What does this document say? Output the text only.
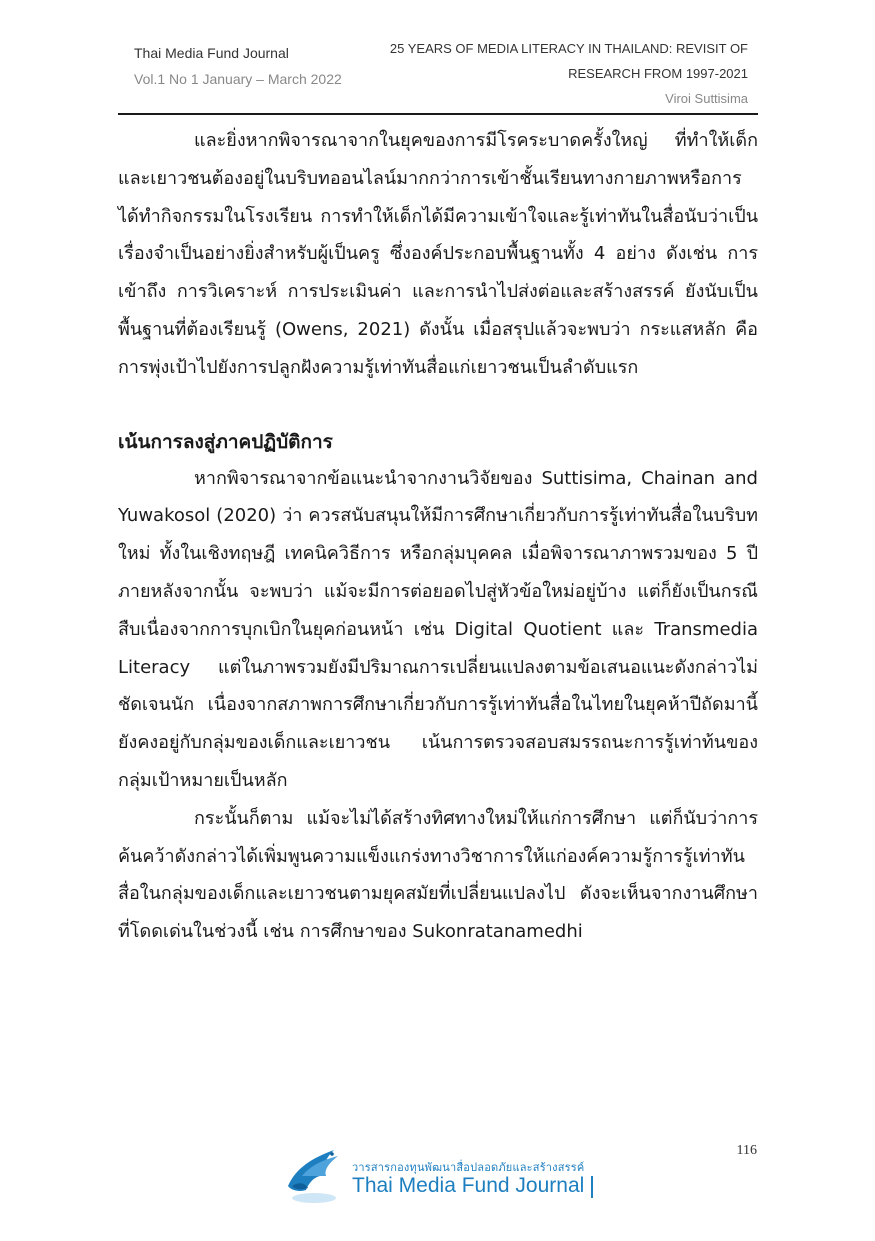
Thai Media Fund Journal
Vol.1 No 1 January – March 2022
25 YEARS OF MEDIA LITERACY IN THAILAND: REVISIT OF
RESEARCH FROM 1997-2021
Viroi Suttisima

และยิ่งหากพิจารณาจากในยุคของการมีโรคระบาดครั้งใหญ่ ที่ทำให้เด็กและเยาวชนต้องอยู่ในบริบทออนไลน์มากกว่าการเข้าชั้นเรียนทางกายภาพหรือการได้ทำกิจกรรมในโรงเรียน การทำให้เด็กได้มีความเข้าใจและรู้เท่าทันในสื่อนับว่าเป็นเรื่องจำเป็นอย่างยิ่งสำหรับผู้เป็นครู ซึ่งองค์ประกอบพื้นฐานทั้ง 4 อย่าง ดังเช่น การเข้าถึง การวิเคราะห์ การประเมินค่า และการนำไปส่งต่อและสร้างสรรค์ ยังนับเป็นพื้นฐานที่ต้องเรียนรู้ (Owens, 2021) ดังนั้น เมื่อสรุปแล้วจะพบว่า กระแสหลัก คือ การพุ่งเป้าไปยังการปลูกฝังความรู้เท่าทันสื่อแก่เยาวชนเป็นลำดับแรก

เน้นการลงสู่ภาคปฏิบัติการ

หากพิจารณาจากข้อแนะนำจากงานวิจัยของ Suttisima, Chainan and Yuwakosol (2020) ว่า ควรสนับสนุนให้มีการศึกษาเกี่ยวกับการรู้เท่าทันสื่อในบริบทใหม่ ทั้งในเชิงทฤษฎี เทคนิควิธีการ หรือกลุ่มบุคคล เมื่อพิจารณาภาพรวมของ 5 ปีภายหลังจากนั้น จะพบว่า แม้จะมีการต่อยอดไปสู่หัวข้อใหม่อยู่บ้าง แต่ก็ยังเป็นกรณีสืบเนื่องจากการบุกเบิกในยุคก่อนหน้า เช่น Digital Quotient และ Transmedia Literacy แต่ในภาพรวมยังมีปริมาณการเปลี่ยนแปลงตามข้อเสนอแนะดังกล่าวไม่ชัดเจนนัก เนื่องจากสภาพการศึกษาเกี่ยวกับการรู้เท่าทันสื่อในไทยในยุคห้าปีถัดมานี้ ยังคงอยู่กับกลุ่มของเด็กและเยาวชน เน้นการตรวจสอบสมรรถนะการรู้เท่าท้นของกลุ่มเป้าหมายเป็นหลัก

กระนั้นก็ตาม แม้จะไม่ได้สร้างทิศทางใหม่ให้แก่การศึกษา แต่ก็นับว่าการค้นคว้าดังกล่าวได้เพิ่มพูนความแข็งแกร่งทางวิชาการให้แก่องค์ความรู้การรู้เท่าทันสื่อในกลุ่มของเด็กและเยาวชนตามยุคสมัยที่เปลี่ยนแปลงไป ดังจะเห็นจากงานศึกษาที่โดดเด่นในช่วงนี้ เช่น การศึกษาของ Sukonratanamedhi

116
วารสารกองทุนพัฒนาสื่อปลอดภัยและสร้างสรรค์
Thai Media Fund Journal
